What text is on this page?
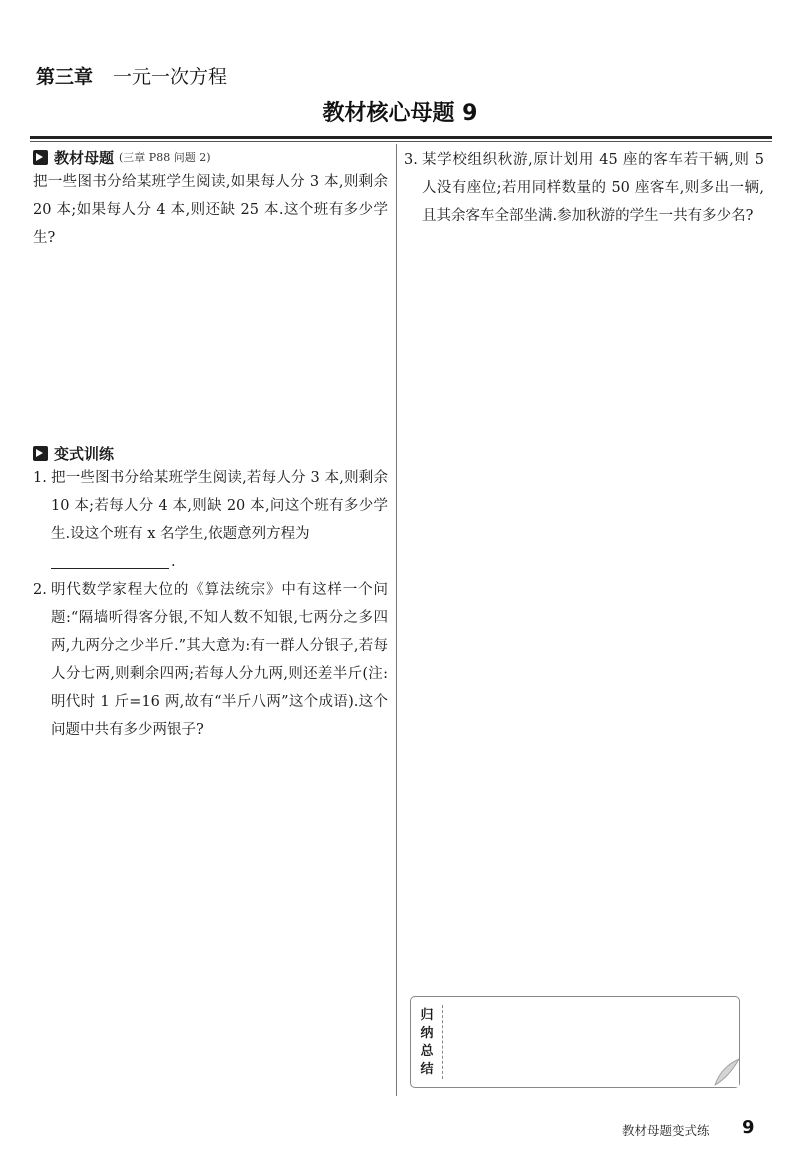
第三章 一元一次方程
教材核心母题 9
教材母题 (三章 P88 问题 2)

把一些图书分给某班学生阅读,如果每人分 3 本,则剩余 20 本;如果每人分 4 本,则还缺 25 本.这个班有多少学生?

变式训练
1. 把一些图书分给某班学生阅读,若每人分 3 本,则剩余 10 本;若每人分 4 本,则缺 20 本,问这个班有多少学生.设这个班有 x 名学生,依题意列方程为
.
2. 明代数学家程大位的《算法统宗》中有这样一个问题:“隔墙听得客分银,不知人数不知银,七两分之多四两,九两分之少半斤.”其大意为:有一群人分银子,若每人分七两,则剩余四两;若每人分九两,则还差半斤(注:明代时 1 斤=16 两,故有“半斤八两”这个成语).这个问题中共有多少两银子?
3. 某学校组织秋游,原计划用 45 座的客车若干辆,则 5 人没有座位;若用同样数量的 50 座客车,则多出一辆,且其余客车全部坐满.参加秋游的学生一共有多少名?
归
纳
总
结
教材母题变式练 9
